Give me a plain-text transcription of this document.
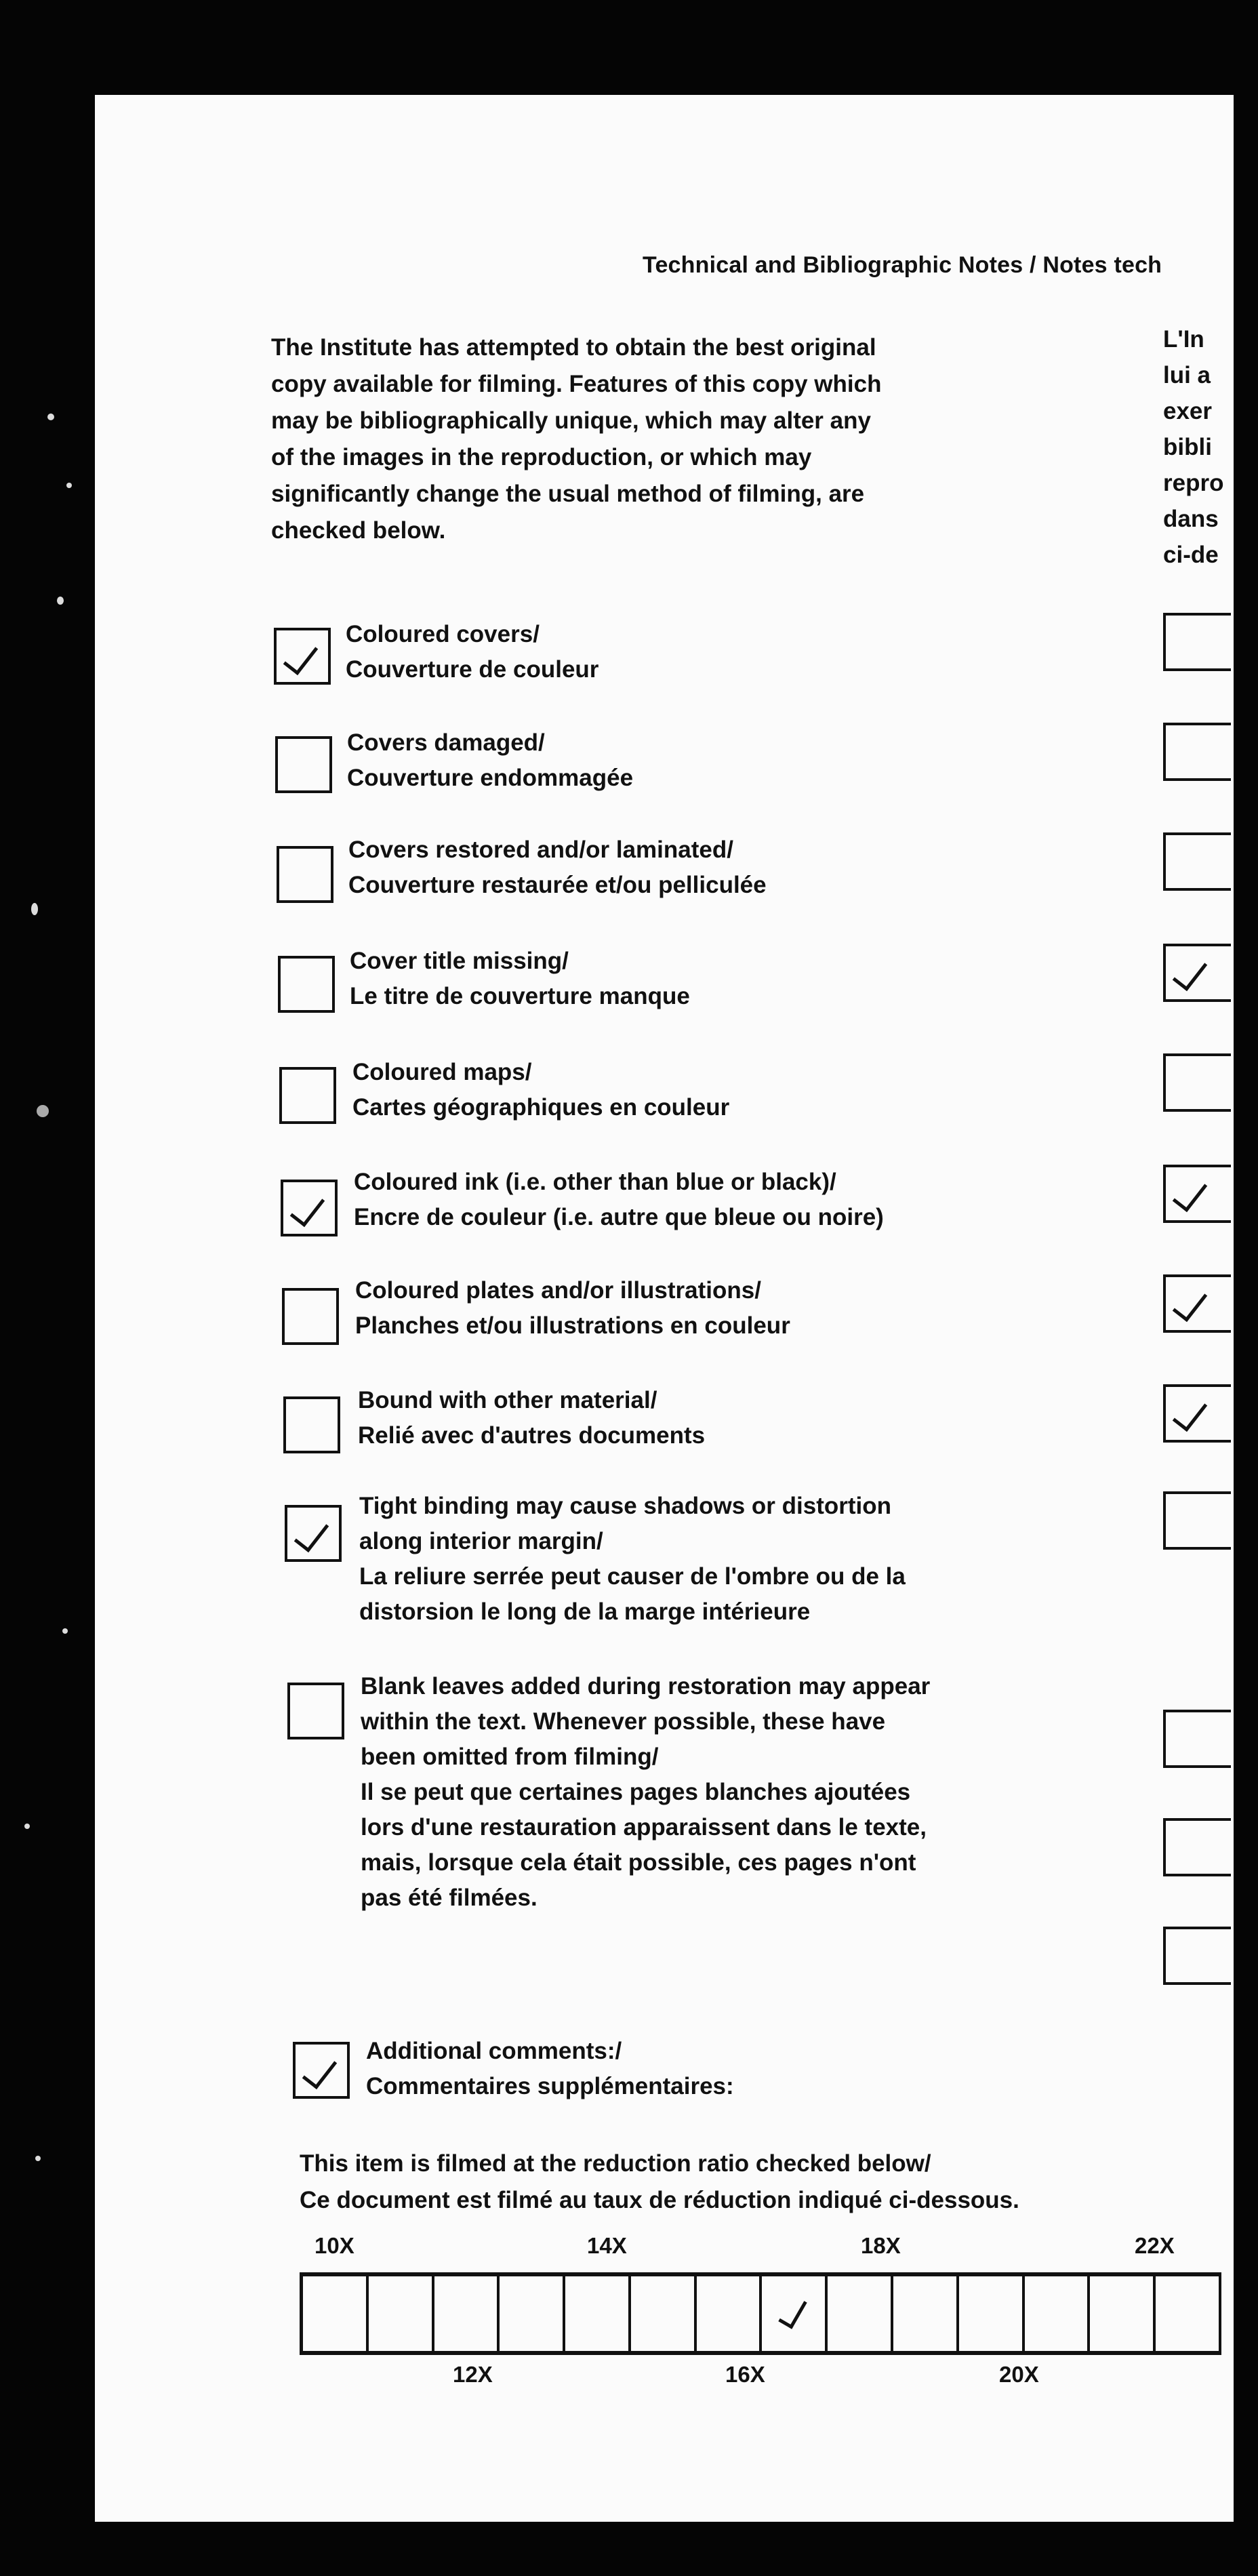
Technical and Bibliographic Notes / Notes tech
The Institute has attempted to obtain the best original
copy available for filming. Features of this copy which
may be bibliographically unique, which may alter any
of the images in the reproduction, or which may
significantly change the usual method of filming, are
checked below.
L'In
lui a
exer
bibli
repro
dans
ci-de
Coloured covers/
Couverture de couleur
Covers damaged/
Couverture endommagée
Covers restored and/or laminated/
Couverture restaurée et/ou pelliculée
Cover title missing/
Le titre de couverture manque
Coloured maps/
Cartes géographiques en couleur
Coloured ink (i.e. other than blue or black)/
Encre de couleur (i.e. autre que bleue ou noire)
Coloured plates and/or illustrations/
Planches et/ou illustrations en couleur
Bound with other material/
Relié avec d'autres documents
Tight binding may cause shadows or distortion
along interior margin/
La reliure serrée peut causer de l'ombre ou de la
distorsion le long de la marge intérieure
Blank leaves added during restoration may appear
within the text. Whenever possible, these have
been omitted from filming/
Il se peut que certaines pages blanches ajoutées
lors d'une restauration apparaissent dans le texte,
mais, lorsque cela était possible, ces pages n'ont
pas été filmées.
Additional comments:/
Commentaires supplémentaires:
This item is filmed at the reduction ratio checked below/
Ce document est filmé au taux de réduction indiqué ci-dessous.
10X	14X	18X	22X
12X	16X	20X
